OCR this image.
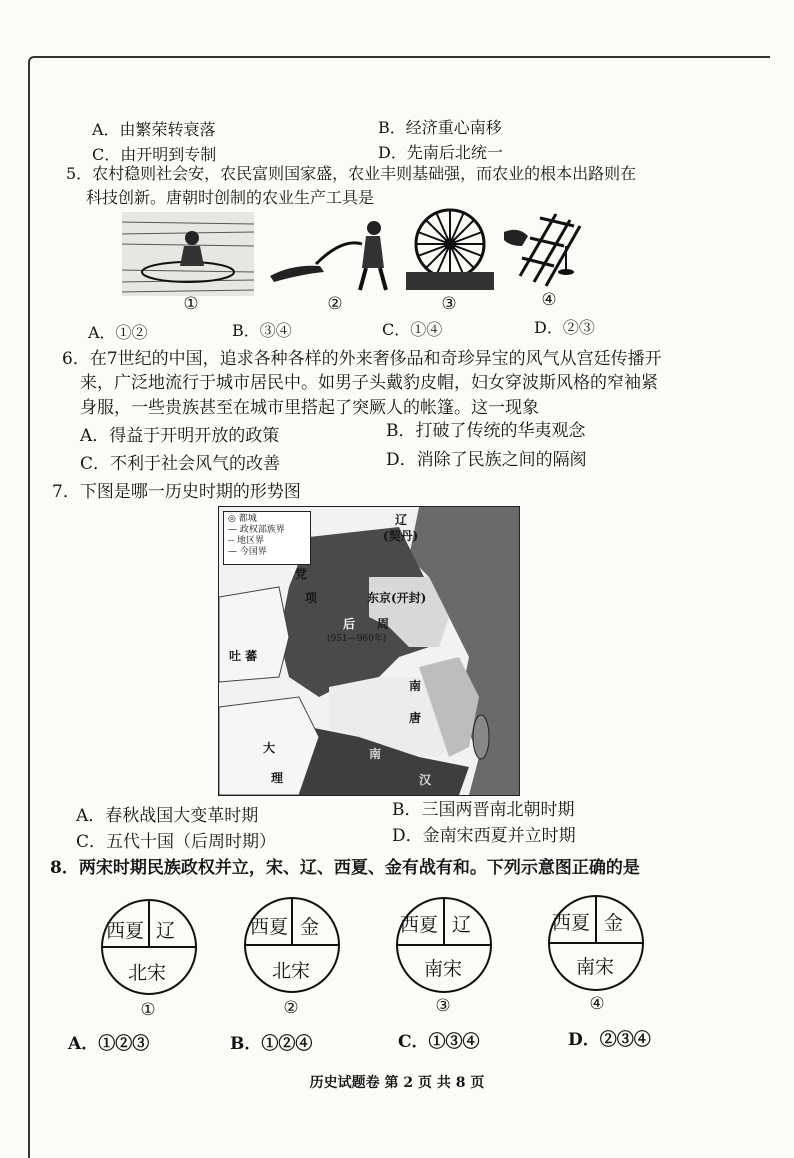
A．由繁荣转衰落	B．经济重心南移
C．由开明到专制	D．先南后北统一
5．农村稳则社会安，农民富则国家盛，农业丰则基础强，而农业的根本出路则在
科技创新。唐朝时创制的农业生产工具是
①	②	③	④
A．①②	B．③④	C．①④	D．②③
6．在7世纪的中国，追求各种各样的外来奢侈品和奇珍异宝的风气从宫廷传播开
来，广泛地流行于城市居民中。如男子头戴豹皮帽，妇女穿波斯风格的窄袖紧
身服，一些贵族甚至在城市里搭起了突厥人的帐篷。这一现象
A．得益于开明开放的政策	B．打破了传统的华夷观念
C．不利于社会风气的改善	D．消除了民族之间的隔阂
7．下图是哪一历史时期的形势图
◎ 都城
— 政权部族界
-- 地区界
— 今国界
辽
(契丹)
党
项	东京(开封)
后 周
(951—960年)
吐 蕃
南
唐
大
理
南
汉
A．春秋战国大变革时期	B．三国两晋南北朝时期
C．五代十国（后周时期）	D．金南宋西夏并立时期
8．两宋时期民族政权并立，宋、辽、西夏、金有战有和。下列示意图正确的是
西夏 辽
北宋
①
西夏 金
北宋
②
西夏 辽
南宋
③
西夏 金
南宋
④
A．①②③	B．①②④	C．①③④	D．②③④
历史试题卷 第 2 页 共 8 页
